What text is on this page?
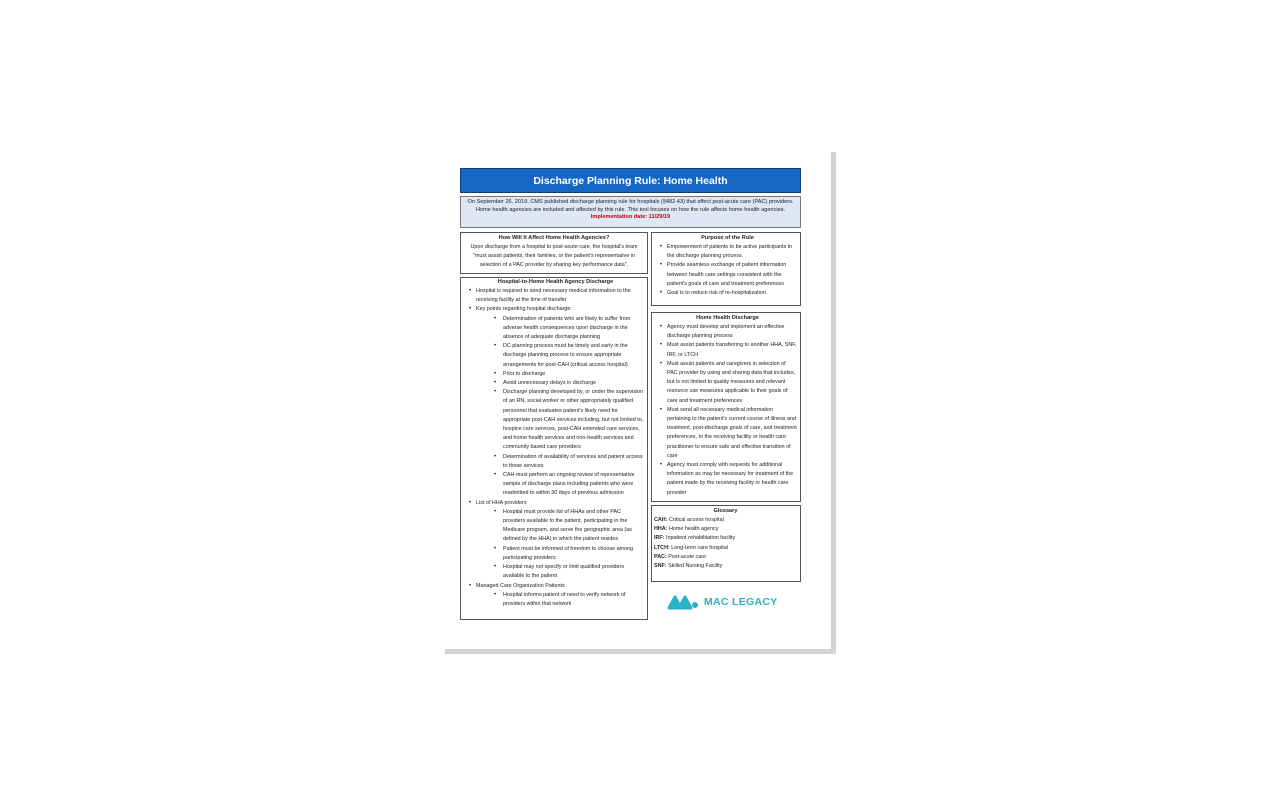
Discharge Planning Rule: Home Health
On September 26, 2019, CMS published discharge planning rule for hospitals (§482.43) that affect post-acute care (PAC) providers. Home health agencies are included and affected by this rule. This tool focuses on how the rule affects home health agencies.
Implementation date: 11/29/19
How Will It Affect Home Health Agencies?

Upon discharge from a hospital to post-acute care, the hospital's team "must assist patients, their families, or the patient's representative in selection of a PAC provider by sharing key performance data".

Purpose of the Rule
• Empowerment of patients to be active participants in the discharge planning process.
• Provide seamless exchange of patient information between health care settings consistent with the patient's goals of care and treatment preferences
• Goal is to reduce risk of re-hospitalization.
Hospital-to-Home Health Agency Discharge
• Hospital is required to send necessary medical information to the receiving facility at the time of transfer
• Key points regarding hospital discharge:
• Determination of patients who are likely to suffer from adverse health consequences upon discharge in the absence of adequate discharge planning
• DC planning process must be timely and early in the discharge planning process to ensure appropriate arrangements for post-CAH (critical access hospital)
• Prior to discharge
• Avoid unnecessary delays in discharge
• Discharge planning developed by, or under the supervision of an RN, social worker or other appropriately qualified personnel that evaluates patient's likely need for appropriate post-CAH services including, but not limited to, hospice care services, post-CAH extended care services, and home health services and non-health services and community based care providers
• Determination of availability of services and patient access to those services
• CAH must perform an ongoing review of representative sample of discharge plans including patients who were readmitted to within 30 days of previous admission
• List of HHA providers
• Hospital must provide list of HHAs and other PAC providers available to the patient, participating in the Medicare program, and serve the geographic area (as defined by the HHA) in which the patient resides
• Patient must be informed of freedom to choose among participating providers
• Hospital may not specify or limit qualified providers available to the patient
• Managed Care Organization Patients
• Hospital informs patient of need to verify network of providers within that network
Home Health Discharge
• Agency must develop and implement an effective discharge planning process
• Must assist patients transferring to another HHA, SNF, IRF, or LTCH
• Must assist patients and caregivers in selection of PAC provider by using and sharing data that includes, but is not limited to quality measures and relevant resource use measures applicable to their goals of care and treatment preferences
• Must send all necessary medical information pertaining to the patient's current course of illness and treatment, post-discharge goals of care, and treatment preferences, to the receiving facility or health care practitioner to ensure safe and effective transition of care
• Agency must comply with requests for additional information as may be necessary for treatment of the patient made by the receiving facility or health care provider
Glossary

CAH: Critical access hospital

HHA: Home health agency

IRF: Inpatient rehabilitation facility

LTCH: Long-term care hospital

PAC: Post-acute care

SNF: Skilled Nursing Facility

MAC LEGACY
